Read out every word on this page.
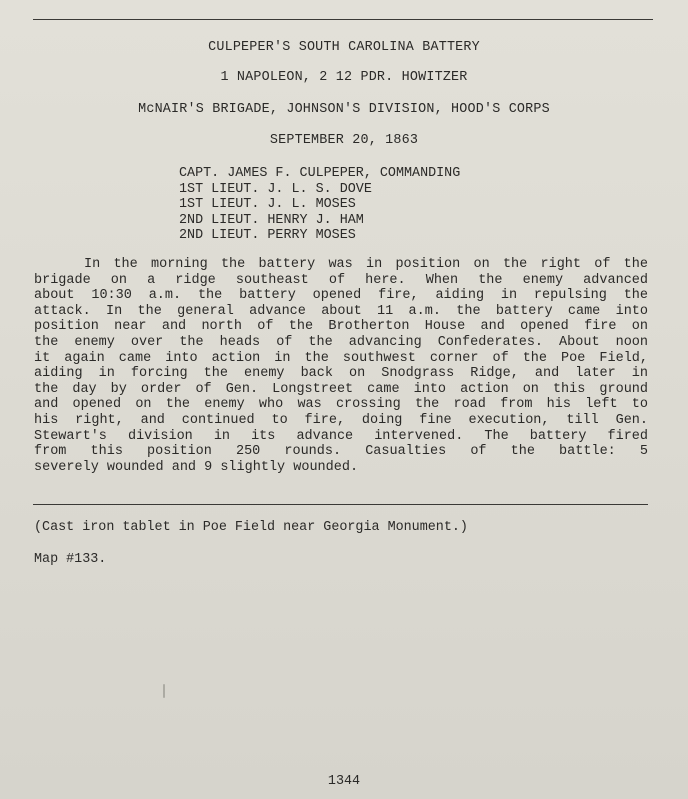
CULPEPER'S SOUTH CAROLINA BATTERY
1 NAPOLEON, 2 12 PDR. HOWITZER
McNAIR'S BRIGADE, JOHNSON'S DIVISION, HOOD'S CORPS
SEPTEMBER 20, 1863
CAPT. JAMES F. CULPEPER, COMMANDING
1ST LIEUT. J. L. S. DOVE
1ST LIEUT. J. L. MOSES
2ND LIEUT. HENRY J. HAM
2ND LIEUT. PERRY MOSES
In the morning the battery was in position on the right of the
brigade on a ridge southeast of here. When the enemy advanced
about 10:30 a.m. the battery opened fire, aiding in repulsing the
attack. In the general advance about 11 a.m. the battery came into
position near and north of the Brotherton House and opened fire on
the enemy over the heads of the advancing Confederates. About noon
it again came into action in the southwest corner of the Poe Field,
aiding in forcing the enemy back on Snodgrass Ridge, and later in
the day by order of Gen. Longstreet came into action on this ground
and opened on the enemy who was crossing the road from his left to
his right, and continued to fire, doing fine execution, till Gen.
Stewart's division in its advance intervened. The battery fired
from this position 250 rounds. Casualties of the battle: 5
severely wounded and 9 slightly wounded.
(Cast iron tablet in Poe Field near Georgia Monument.)
Map #133.
1344
